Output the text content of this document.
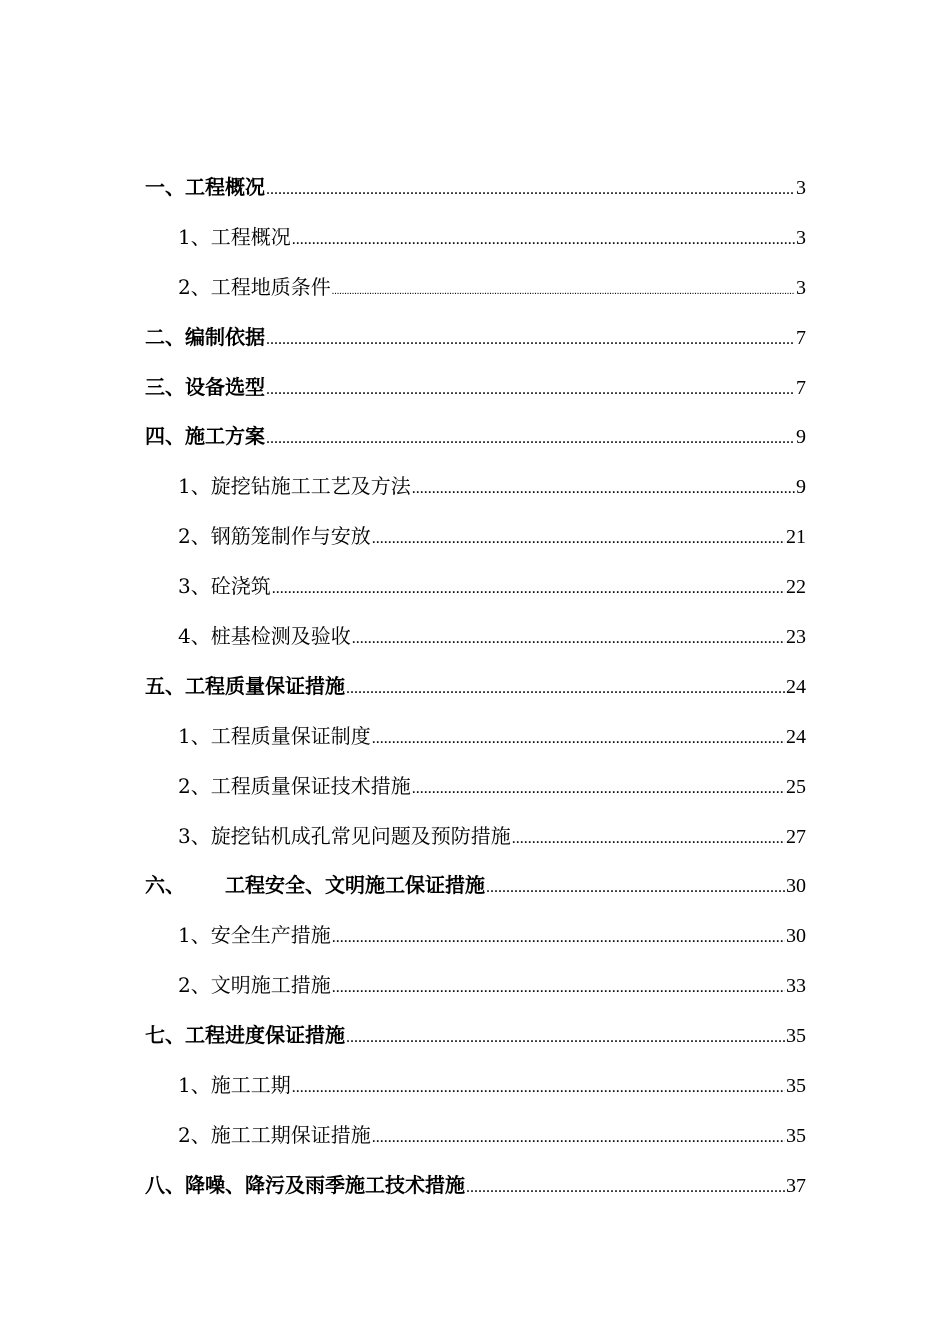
一、工程概况 .....	3
1、工程概况 .....	3
2、工程地质条件 .....	3
二、编制依据 .....	7
三、设备选型 .....	7
四、施工方案 .....	9
1、旋挖钻施工工艺及方法 .....	9
2、钢筋笼制作与安放 .....	21
3、砼浇筑 .....	22
4、桩基检测及验收 .....	23
五、工程质量保证措施 .....	24
1、工程质量保证制度 .....	24
2、工程质量保证技术措施 .....	25
3、旋挖钻机成孔常见问题及预防措施 .....	27
六、 工程安全、文明施工保证措施 .....	30
1、安全生产措施 .....	30
2、文明施工措施 .....	33
七、工程进度保证措施 .....	35
1、施工工期 .....	35
2、施工工期保证措施 .....	35
八、降噪、降污及雨季施工技术措施 .....	37
